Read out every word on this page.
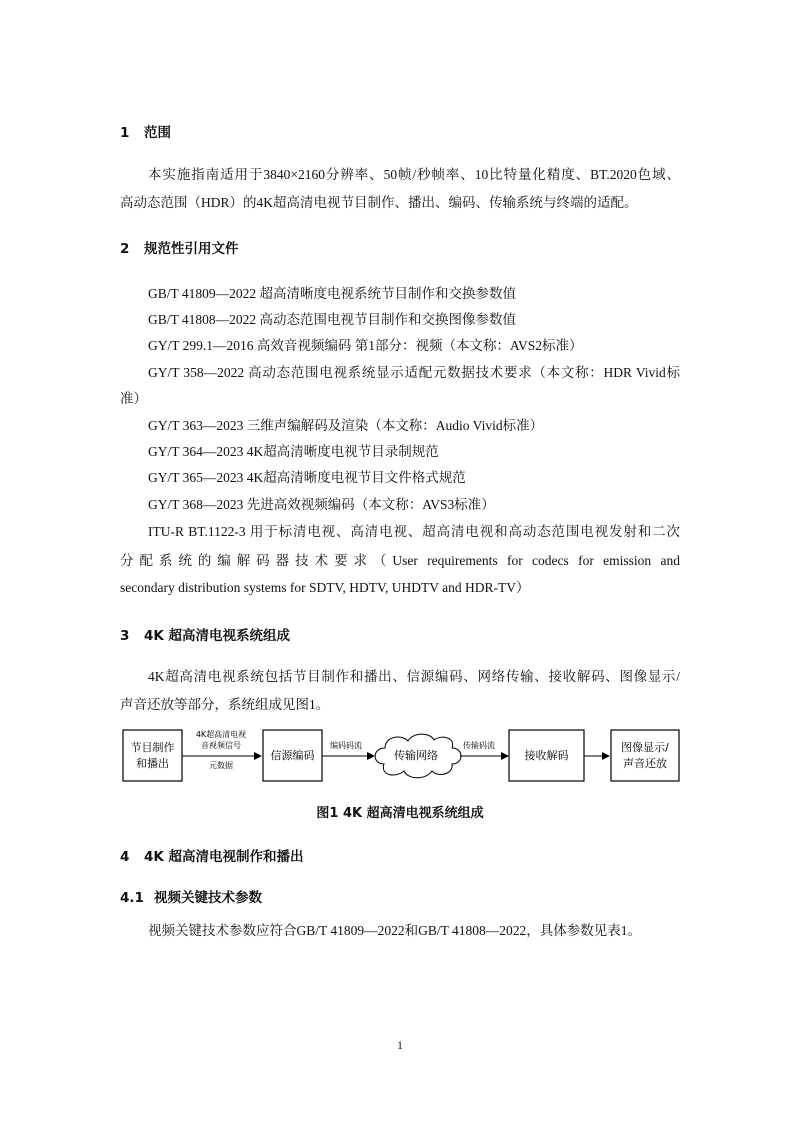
1 范围
本实施指南适用于3840×2160分辨率、50帧/秒帧率、10比特量化精度、BT.2020色域、
高动态范围（HDR）的4K超高清电视节目制作、播出、编码、传输系统与终端的适配。
2 规范性引用文件
GB/T 41809—2022 超高清晰度电视系统节目制作和交换参数值
GB/T 41808—2022 高动态范围电视节目制作和交换图像参数值
GY/T 299.1—2016 高效音视频编码 第1部分：视频（本文称：AVS2标准）
GY/T 358—2022 高动态范围电视系统显示适配元数据技术要求（本文称：HDR Vivid标
准）
GY/T 363—2023 三维声编解码及渲染（本文称：Audio Vivid标准）
GY/T 364—2023 4K超高清晰度电视节目录制规范
GY/T 365—2023 4K超高清晰度电视节目文件格式规范
GY/T 368—2023 先进高效视频编码（本文称：AVS3标准）
ITU-R BT.1122-3 用于标清电视、高清电视、超高清电视和高动态范围电视发射和二次
分配系统的编解码器技术要求（User requirements for codecs for emission and
secondary distribution systems for SDTV, HDTV, UHDTV and HDR-TV）
3 4K 超高清电视系统组成
4K超高清电视系统包括节目制作和播出、信源编码、网络传输、接收解码、图像显示/
声音还放等部分，系统组成见图1。
节目制作
和播出
4K超高清电视
音视频信号
元数据
信源编码
编码码流
传输网络
传输码流
接收解码
图像显示/
声音还放
图1 4K 超高清电视系统组成
4 4K 超高清电视制作和播出
4.1 视频关键技术参数
视频关键技术参数应符合GB/T 41809—2022和GB/T 41808—2022，具体参数见表1。
1
